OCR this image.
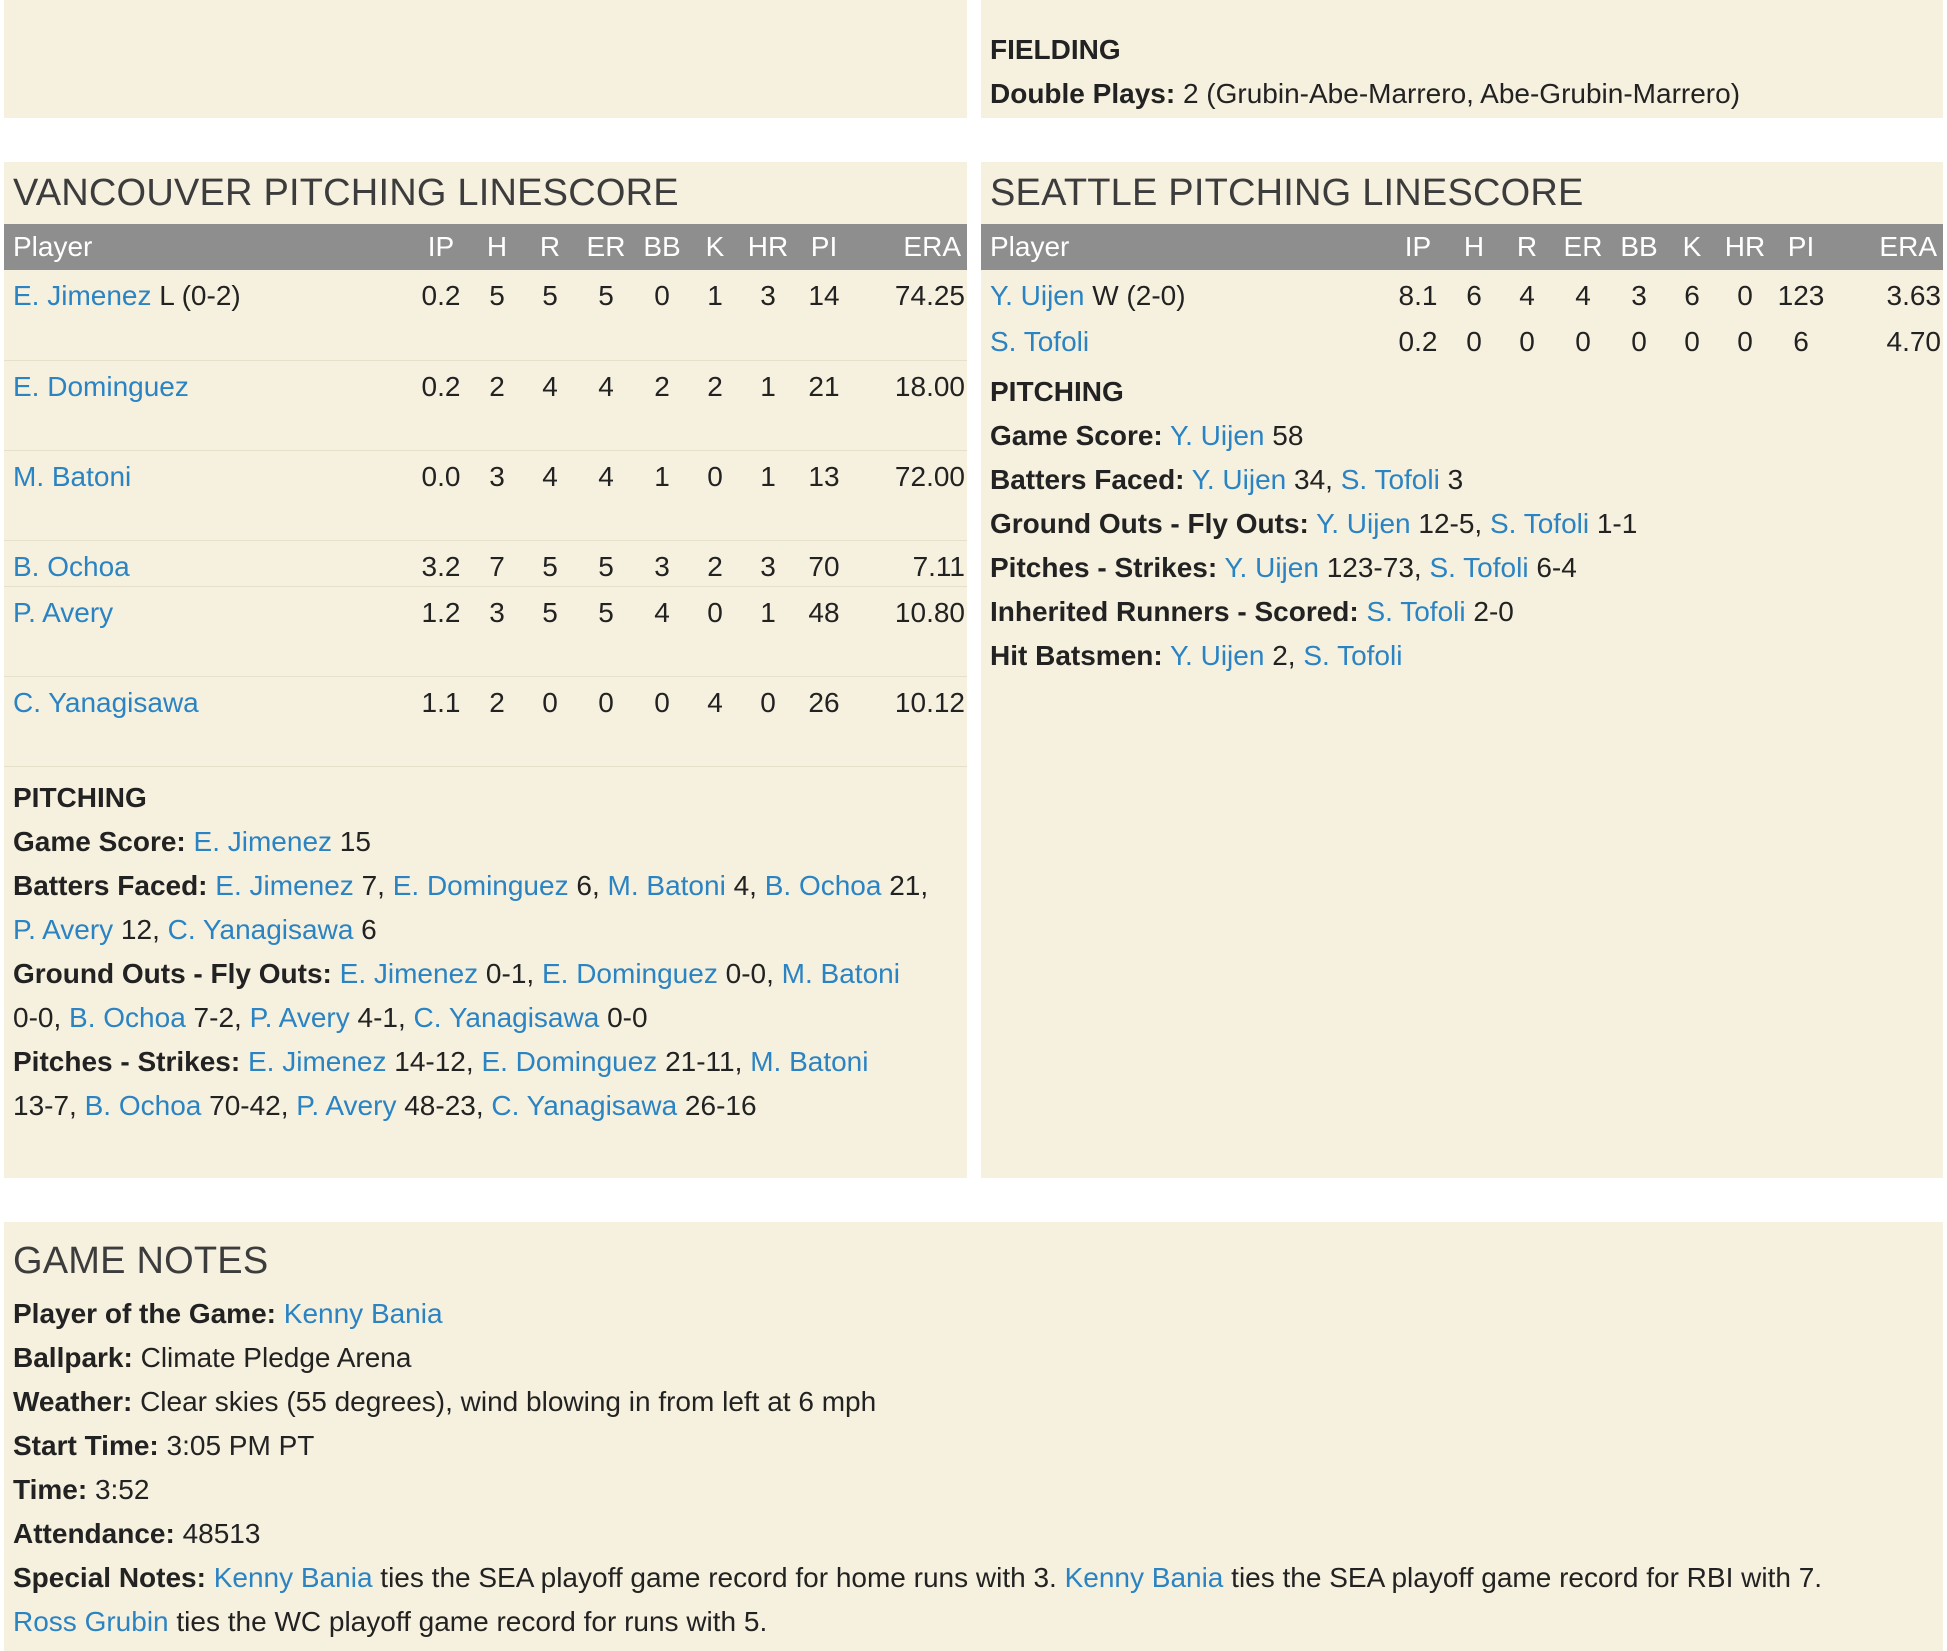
FIELDING
Double Plays: 2 (Grubin-Abe-Marrero, Abe-Grubin-Marrero)
VANCOUVER PITCHING LINESCORE
Player	IP	H	R	ER	BB	K	HR	PI	ERA
E. Jimenez L (0-2)	0.2	5	5	5	0	1	3	14	74.25
E. Dominguez	0.2	2	4	4	2	2	1	21	18.00
M. Batoni	0.0	3	4	4	1	0	1	13	72.00
B. Ochoa	3.2	7	5	5	3	2	3	70	7.11
P. Avery	1.2	3	5	5	4	0	1	48	10.80
C. Yanagisawa	1.1	2	0	0	0	4	0	26	10.12
PITCHING
Game Score: E. Jimenez 15
Batters Faced: E. Jimenez 7, E. Dominguez 6, M. Batoni 4, B. Ochoa 21,
P. Avery 12, C. Yanagisawa 6
Ground Outs - Fly Outs: E. Jimenez 0-1, E. Dominguez 0-0, M. Batoni
0-0, B. Ochoa 7-2, P. Avery 4-1, C. Yanagisawa 0-0
Pitches - Strikes: E. Jimenez 14-12, E. Dominguez 21-11, M. Batoni
13-7, B. Ochoa 70-42, P. Avery 48-23, C. Yanagisawa 26-16
SEATTLE PITCHING LINESCORE
Player	IP	H	R	ER	BB	K	HR	PI	ERA
Y. Uijen W (2-0)	8.1	6	4	4	3	6	0	123	3.63
S. Tofoli	0.2	0	0	0	0	0	0	6	4.70
PITCHING
Game Score: Y. Uijen 58
Batters Faced: Y. Uijen 34, S. Tofoli 3
Ground Outs - Fly Outs: Y. Uijen 12-5, S. Tofoli 1-1
Pitches - Strikes: Y. Uijen 123-73, S. Tofoli 6-4
Inherited Runners - Scored: S. Tofoli 2-0
Hit Batsmen: Y. Uijen 2, S. Tofoli
GAME NOTES
Player of the Game: Kenny Bania
Ballpark: Climate Pledge Arena
Weather: Clear skies (55 degrees), wind blowing in from left at 6 mph
Start Time: 3:05 PM PT
Time: 3:52
Attendance: 48513
Special Notes: Kenny Bania ties the SEA playoff game record for home runs with 3. Kenny Bania ties the SEA playoff game record for RBI with 7.
Ross Grubin ties the WC playoff game record for runs with 5.
